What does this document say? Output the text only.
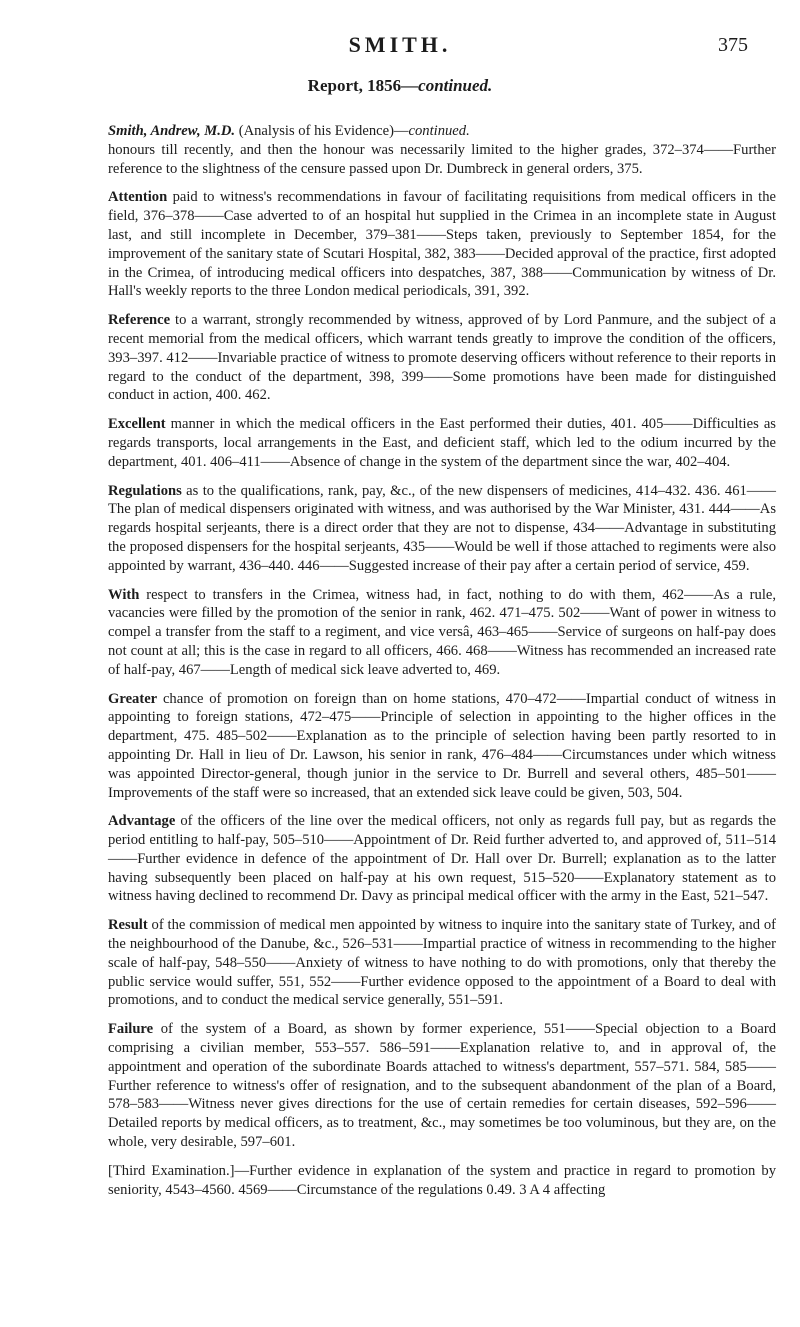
SMITH.	375
Report, 1856—continued.

Smith, Andrew, M.D. (Analysis of his Evidence)—continued.

honours till recently, and then the honour was necessarily limited to the higher grades, 372–374——Further reference to the slightness of the censure passed upon Dr. Dumbreck in general orders, 375.

Attention paid to witness's recommendations in favour of facilitating requisitions from medical officers in the field, 376–378——Case adverted to of an hospital hut supplied in the Crimea in an incomplete state in August last, and still incomplete in December, 379–381——Steps taken, previously to September 1854, for the improvement of the sanitary state of Scutari Hospital, 382, 383——Decided approval of the practice, first adopted in the Crimea, of introducing medical officers into despatches, 387, 388——Communication by witness of Dr. Hall's weekly reports to the three London medical periodicals, 391, 392.

Reference to a warrant, strongly recommended by witness, approved of by Lord Panmure, and the subject of a recent memorial from the medical officers, which warrant tends greatly to improve the condition of the officers, 393–397. 412——Invariable practice of witness to promote deserving officers without reference to their reports in regard to the conduct of the department, 398, 399——Some promotions have been made for distinguished conduct in action, 400. 462.

Excellent manner in which the medical officers in the East performed their duties, 401. 405——Difficulties as regards transports, local arrangements in the East, and deficient staff, which led to the odium incurred by the department, 401. 406–411——Absence of change in the system of the department since the war, 402–404.

Regulations as to the qualifications, rank, pay, &c., of the new dispensers of medicines, 414–432. 436. 461——The plan of medical dispensers originated with witness, and was authorised by the War Minister, 431. 444——As regards hospital serjeants, there is a direct order that they are not to dispense, 434——Advantage in substituting the proposed dispensers for the hospital serjeants, 435——Would be well if those attached to regiments were also appointed by warrant, 436–440. 446——Suggested increase of their pay after a certain period of service, 459.

With respect to transfers in the Crimea, witness had, in fact, nothing to do with them, 462——As a rule, vacancies were filled by the promotion of the senior in rank, 462. 471–475. 502——Want of power in witness to compel a transfer from the staff to a regiment, and vice versâ, 463–465——Service of surgeons on half-pay does not count at all; this is the case in regard to all officers, 466. 468——Witness has recommended an increased rate of half-pay, 467——Length of medical sick leave adverted to, 469.

Greater chance of promotion on foreign than on home stations, 470–472——Impartial conduct of witness in appointing to foreign stations, 472–475——Principle of selection in appointing to the higher offices in the department, 475. 485–502——Explanation as to the principle of selection having been partly resorted to in appointing Dr. Hall in lieu of Dr. Lawson, his senior in rank, 476–484——Circumstances under which witness was appointed Director-general, though junior in the service to Dr. Burrell and several others, 485–501——Improvements of the staff were so increased, that an extended sick leave could be given, 503, 504.

Advantage of the officers of the line over the medical officers, not only as regards full pay, but as regards the period entitling to half-pay, 505–510——Appointment of Dr. Reid further adverted to, and approved of, 511–514——Further evidence in defence of the appointment of Dr. Hall over Dr. Burrell; explanation as to the latter having subsequently been placed on half-pay at his own request, 515–520——Explanatory statement as to witness having declined to recommend Dr. Davy as principal medical officer with the army in the East, 521–547.

Result of the commission of medical men appointed by witness to inquire into the sanitary state of Turkey, and of the neighbourhood of the Danube, &c., 526–531——Impartial practice of witness in recommending to the higher scale of half-pay, 548–550——Anxiety of witness to have nothing to do with promotions, only that thereby the public service would suffer, 551, 552——Further evidence opposed to the appointment of a Board to deal with promotions, and to conduct the medical service generally, 551–591.

Failure of the system of a Board, as shown by former experience, 551——Special objection to a Board comprising a civilian member, 553–557. 586–591——Explanation relative to, and in approval of, the appointment and operation of the subordinate Boards attached to witness's department, 557–571. 584, 585——Further reference to witness's offer of resignation, and to the subsequent abandonment of the plan of a Board, 578–583——Witness never gives directions for the use of certain remedies for certain diseases, 592–596——Detailed reports by medical officers, as to treatment, &c., may sometimes be too voluminous, but they are, on the whole, very desirable, 597–601.

[Third Examination.]—Further evidence in explanation of the system and practice in regard to promotion by seniority, 4543–4560. 4569——Circumstance of the regulations 0.49. 3 A 4 affecting
